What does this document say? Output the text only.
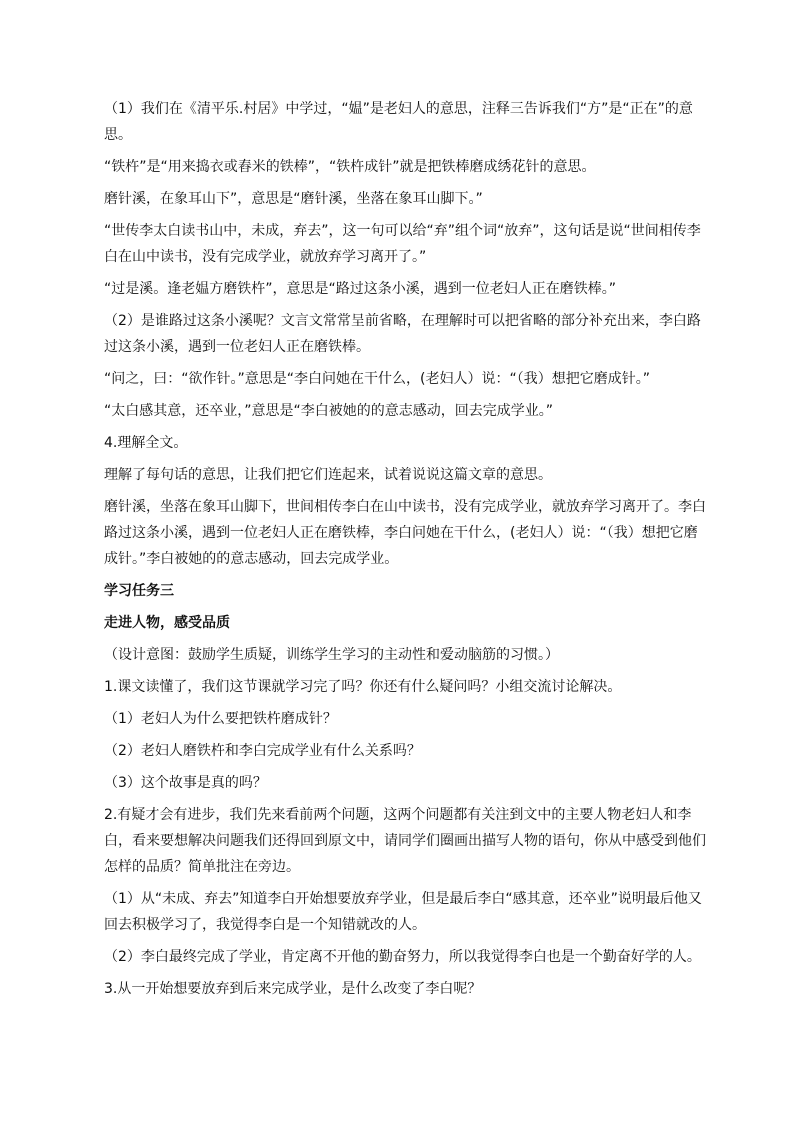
（1）我们在《清平乐.村居》中学过，“媪”是老妇人的意思，注释三告诉我们“方”是“正在”的意思。

“铁杵”是“用来捣衣或舂米的铁棒”，“铁杵成针”就是把铁棒磨成绣花针的意思。

磨针溪，在象耳山下”，意思是“磨针溪，坐落在象耳山脚下。”

“世传李太白读书山中，未成，弃去”，这一句可以给“弃”组个词“放弃”，这句话是说“世间相传李白在山中读书，没有完成学业，就放弃学习离开了。”

“过是溪。逢老媪方磨铁杵”，意思是“路过这条小溪，遇到一位老妇人正在磨铁棒。”

（2）是谁路过这条小溪呢？文言文常常呈前省略，在理解时可以把省略的部分补充出来，李白路过这条小溪，遇到一位老妇人正在磨铁棒。

“问之，曰：“欲作针。”意思是“李白问她在干什么，(老妇人）说：“（我）想把它磨成针。”

“太白感其意，还卒业，”意思是“李白被她的的意志感动，回去完成学业。”

4.理解全文。

理解了每句话的意思，让我们把它们连起来，试着说说这篇文章的意思。

磨针溪，坐落在象耳山脚下，世间相传李白在山中读书，没有完成学业，就放弃学习离开了。李白路过这条小溪，遇到一位老妇人正在磨铁棒，李白问她在干什么，(老妇人）说：“（我）想把它磨成针。”李白被她的的意志感动，回去完成学业。

学习任务三

走进人物，感受品质

（设计意图：鼓励学生质疑，训练学生学习的主动性和爱动脑筋的习惯。）

1.课文读懂了，我们这节课就学习完了吗？你还有什么疑问吗？小组交流讨论解决。

（1）老妇人为什么要把铁杵磨成针？

（2）老妇人磨铁杵和李白完成学业有什么关系吗？

（3）这个故事是真的吗？

2.有疑才会有进步，我们先来看前两个问题，这两个问题都有关注到文中的主要人物老妇人和李白，看来要想解决问题我们还得回到原文中，请同学们圈画出描写人物的语句，你从中感受到他们怎样的品质？简单批注在旁边。

（1）从“未成、弃去”知道李白开始想要放弃学业，但是最后李白“感其意，还卒业”说明最后他又回去积极学习了，我觉得李白是一个知错就改的人。

（2）李白最终完成了学业，肯定离不开他的勤奋努力，所以我觉得李白也是一个勤奋好学的人。

3.从一开始想要放弃到后来完成学业，是什么改变了李白呢？
